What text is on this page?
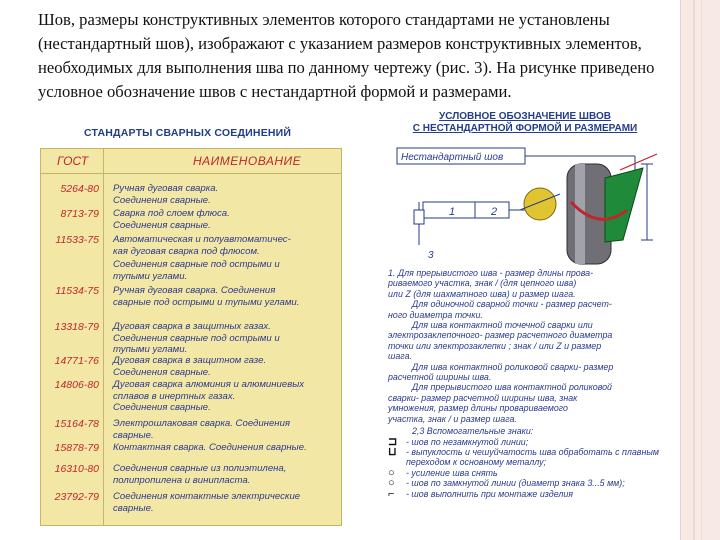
Шов, размеры конструктивных элементов которого стандартами не установлены (нестандартный шов), изображают с указанием размеров конструктивных элементов, необходимых для выполнения шва по данному чертежу (рис. 3). На рисунке приведено условное обозначение швов с нестандартной формой и размерами.

СТАНДАРТЫ СВАРНЫХ СОЕДИНЕНИЙ
ГОСТ	НАИМЕНОВАНИЕ
5264-80 Ручная дуговая сварка.
Соединения сварные.
8713-79 Сварка под слоем флюса.
Соединения сварные.
11533-75 Автоматическая и полуавтоматичес-
кая дуговая сварка под флюсом.
Соединения сварные под острыми и
тупыми углами.
11534-75 Ручная дуговая сварка. Соединения
сварные под острыми и тупыми углами.
13318-79 Дуговая сварка в защитных газах.
Соединения сварные под острыми и
тупыми углами.
14771-76 Дуговая сварка в защитном газе.
Соединения сварные.
14806-80 Дуговая сварка алюминия и алюминиевых
сплавов в инертных газах.
Соединения сварные.
15164-78 Электрошлаковая сварка. Соединения
сварные.
15878-79 Контактная сварка. Соединения сварные.
16310-80 Соединения сварные из полиэтилена,
полипропилена и винипласта.
23792-79 Соединения контактные электрические
сварные.
УСЛОВНОЕ ОБОЗНАЧЕНИЕ ШВОВ
С НЕСТАНДАРТНОЙ ФОРМОЙ И РАЗМЕРАМИ
Нестандартный шов
1	2
3

1. Для прерывистого шва - размер длины прова-

риваемого участка, знак / (для цепного шва)

или Z (для шахматного шва) и размер шага.

Для одиночной сварной точки - размер расчет-

ного диаметра точки.

Для шва контактной точечной сварки или

электрозаклепочного- размер расчетного диаметра

точки или электрозаклепки ; знак / или Z и размер

шага.

Для шва контактной роликовой сварки- размер

расчетной ширины шва.

Для прерывистого шва контактной роликовой

сварки- размер расчетной ширины шва, знак

умножения, размер длины провариваемого

участка, знак / и размер шага.

2,3 Вспомогательные знаки:

⊐ - шов по незамкнутой линии;
⊔	- выпуклость и чешуйчатость шва обработать с плавным переходом к основному металлу;
○	- усиление шва снять
○	- шов по замкнутой линии (диаметр знака 3...5 мм);
⌐	- шов выполнить при монтаже изделия
